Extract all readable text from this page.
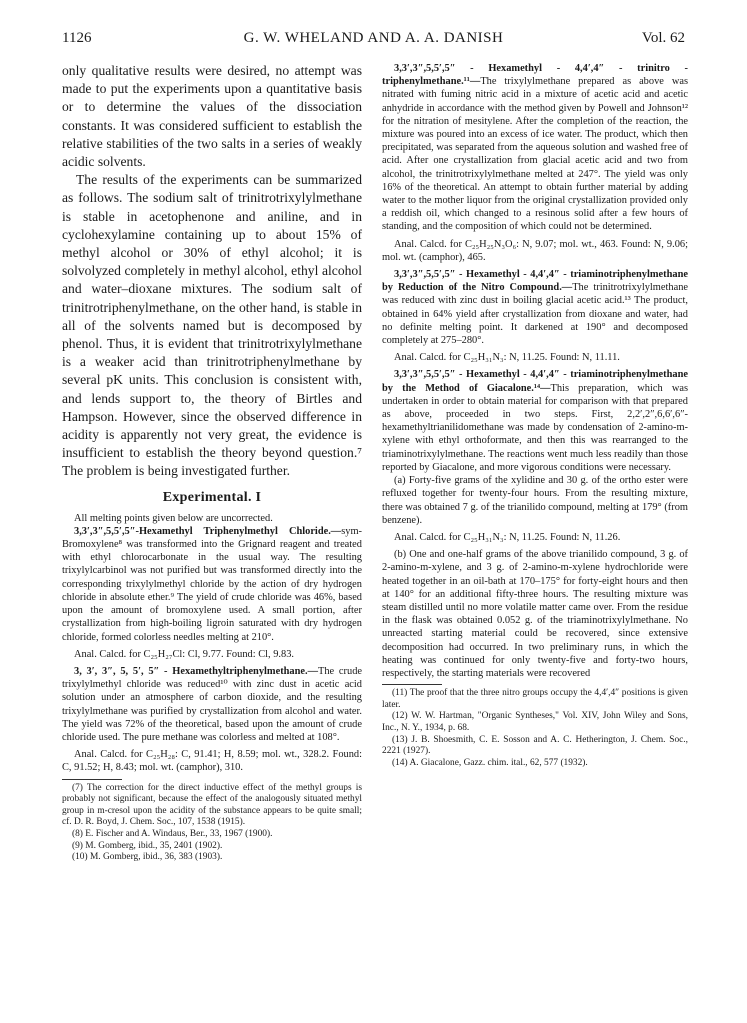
1126	G. W. WHELAND AND A. A. DANISH	Vol. 62

only qualitative results were desired, no attempt was made to put the experiments upon a quantitative basis or to determine the values of the dissociation constants. It was considered sufficient to establish the relative stabilities of the two salts in a series of weakly acidic solvents.

The results of the experiments can be summarized as follows. The sodium salt of trinitrotrixylylmethane is stable in acetophenone and aniline, and in cyclohexylamine containing up to about 15% of methyl alcohol or 30% of ethyl alcohol; it is solvolyzed completely in methyl alcohol, ethyl alcohol and water–dioxane mixtures. The sodium salt of trinitrotriphenylmethane, on the other hand, is stable in all of the solvents named but is decomposed by phenol. Thus, it is evident that trinitrotrixylylmethane is a weaker acid than trinitrotriphenylmethane by several pK units. This conclusion is consistent with, and lends support to, the theory of Birtles and Hampson. However, since the observed difference in acidity is apparently not very great, the evidence is insufficient to establish the theory beyond question.⁷ The problem is being investigated further.

Experimental. I

All melting points given below are uncorrected.

3,3′,3″,5,5′,5″-Hexamethyl Triphenylmethyl Chloride.—sym-Bromoxylene⁸ was transformed into the Grignard reagent and treated with ethyl chlorocarbonate in the usual way. The resulting trixylylcarbinol was not purified but was transformed directly into the corresponding trixylylmethyl chloride by the action of dry hydrogen chloride in absolute ether.⁹ The yield of crude chloride was 46%, based upon the amount of bromoxylene used. A small portion, after crystallization from high-boiling ligroin saturated with dry hydrogen chloride, formed colorless needles melting at 210°.

Anal. Calcd. for C₂₅H₂₇Cl: Cl, 9.77. Found: Cl, 9.83.

3, 3′, 3″, 5, 5′, 5″ - Hexamethyltriphenylmethane.—The crude trixylylmethyl chloride was reduced¹⁰ with zinc dust in acetic acid solution under an atmosphere of carbon dioxide, and the resulting trixylylmethane was purified by crystallization from alcohol and water. The yield was 72% of the theoretical, based upon the amount of crude chloride used. The pure methane was colorless and melted at 108°.

Anal. Calcd. for C₂₅H₂₈: C, 91.41; H, 8.59; mol. wt., 328.2. Found: C, 91.52; H, 8.43; mol. wt. (camphor), 310.

(7) The correction for the direct inductive effect of the methyl groups is probably not significant, because the effect of the analogously situated methyl group in m-cresol upon the acidity of the substance appears to be quite small; cf. D. R. Boyd, J. Chem. Soc., 107, 1538 (1915).

(8) E. Fischer and A. Windaus, Ber., 33, 1967 (1900).

(9) M. Gomberg, ibid., 35, 2401 (1902).

(10) M. Gomberg, ibid., 36, 383 (1903).

3,3′,3″,5,5′,5″ - Hexamethyl - 4,4′,4″ - trinitro - triphenylmethane.¹¹—The trixylylmethane prepared as above was nitrated with fuming nitric acid in a mixture of acetic acid and acetic anhydride in accordance with the method given by Powell and Johnson¹² for the nitration of mesitylene. After the completion of the reaction, the mixture was poured into an excess of ice water. The product, which then precipitated, was separated from the aqueous solution and washed free of acid. After one crystallization from glacial acetic acid and two from alcohol, the trinitrotrixylylmethane melted at 247°. The yield was only 16% of the theoretical. An attempt to obtain further material by adding water to the mother liquor from the original crystallization provided only a reddish oil, which changed to a resinous solid after a few hours of standing, and the composition of which could not be determined.

Anal. Calcd. for C₂₅H₂₅N₃O₆: N, 9.07; mol. wt., 463. Found: N, 9.06; mol. wt. (camphor), 465.

3,3′,3″,5,5′,5″ - Hexamethyl - 4,4′,4″ - triaminotriphenylmethane by Reduction of the Nitro Compound.—The trinitrotrixylylmethane was reduced with zinc dust in boiling glacial acetic acid.¹³ The product, obtained in 64% yield after crystallization from dioxane and water, had no definite melting point. It darkened at 190° and decomposed completely at 275–280°.

Anal. Calcd. for C₂₅H₃₁N₃: N, 11.25. Found: N, 11.11.

3,3′,3″,5,5′,5″ - Hexamethyl - 4,4′,4″ - triaminotriphenylmethane by the Method of Giacalone.¹⁴—This preparation, which was undertaken in order to obtain material for comparison with that prepared as above, proceeded in two steps. First, 2,2′,2″,6,6′,6″-hexamethyltrianilidomethane was made by condensation of 2-amino-m-xylene with ethyl orthoformate, and then this was rearranged to the triaminotrixylylmethane. The reactions went much less readily than those reported by Giacalone, and more vigorous conditions were necessary.

(a) Forty-five grams of the xylidine and 30 g. of the ortho ester were refluxed together for twenty-four hours. From the resulting mixture, there was obtained 7 g. of the trianilido compound, melting at 179° (from benzene).

Anal. Calcd. for C₂₅H₃₁N₃: N, 11.25. Found: N, 11.26.

(b) One and one-half grams of the above trianilido compound, 3 g. of 2-amino-m-xylene, and 3 g. of 2-amino-m-xylene hydrochloride were heated together in an oil-bath at 170–175° for forty-eight hours and then at 140° for an additional fifty-three hours. The resulting mixture was steam distilled until no more volatile matter came over. From the residue in the flask was obtained 0.052 g. of the triaminotrixylylmethane. No unreacted starting material could be recovered, since extensive decomposition had occurred. In two preliminary runs, in which the heating was continued for only twenty-five and forty-two hours, respectively, the starting materials were recovered

(11) The proof that the three nitro groups occupy the 4,4′,4″ positions is given later.

(12) W. W. Hartman, "Organic Syntheses," Vol. XIV, John Wiley and Sons, Inc., N. Y., 1934, p. 68.

(13) J. B. Shoesmith, C. E. Sosson and A. C. Hetherington, J. Chem. Soc., 2221 (1927).

(14) A. Giacalone, Gazz. chim. ital., 62, 577 (1932).
